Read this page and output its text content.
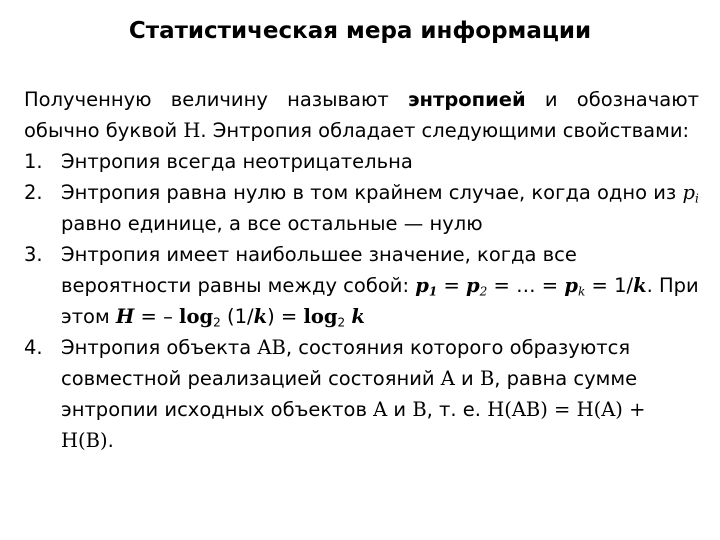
Статистическая мера информации

Полученную величину называют энтропией и обозначают обычно буквой H. Энтропия обладает следующими свойствами:

1. Энтропия всегда неотрицательна
2. Энтропия равна нулю в том крайнем случае, когда одно из $p_i$ равно единице, а все остальные — нулю
3. Энтропия имеет наибольшее значение, когда все вероятности равны между собой: $p_1 = p_2$ = … = $p_k = 1/k$. При этом H = – $\log_2 (1/k) = \log_2 k$
4. Энтропия объекта AB, состояния которого образуются совместной реализацией состояний A и B, равна сумме энтропии исходных объектов A и B, т. е. H(AB) = H(A) + H(B).
